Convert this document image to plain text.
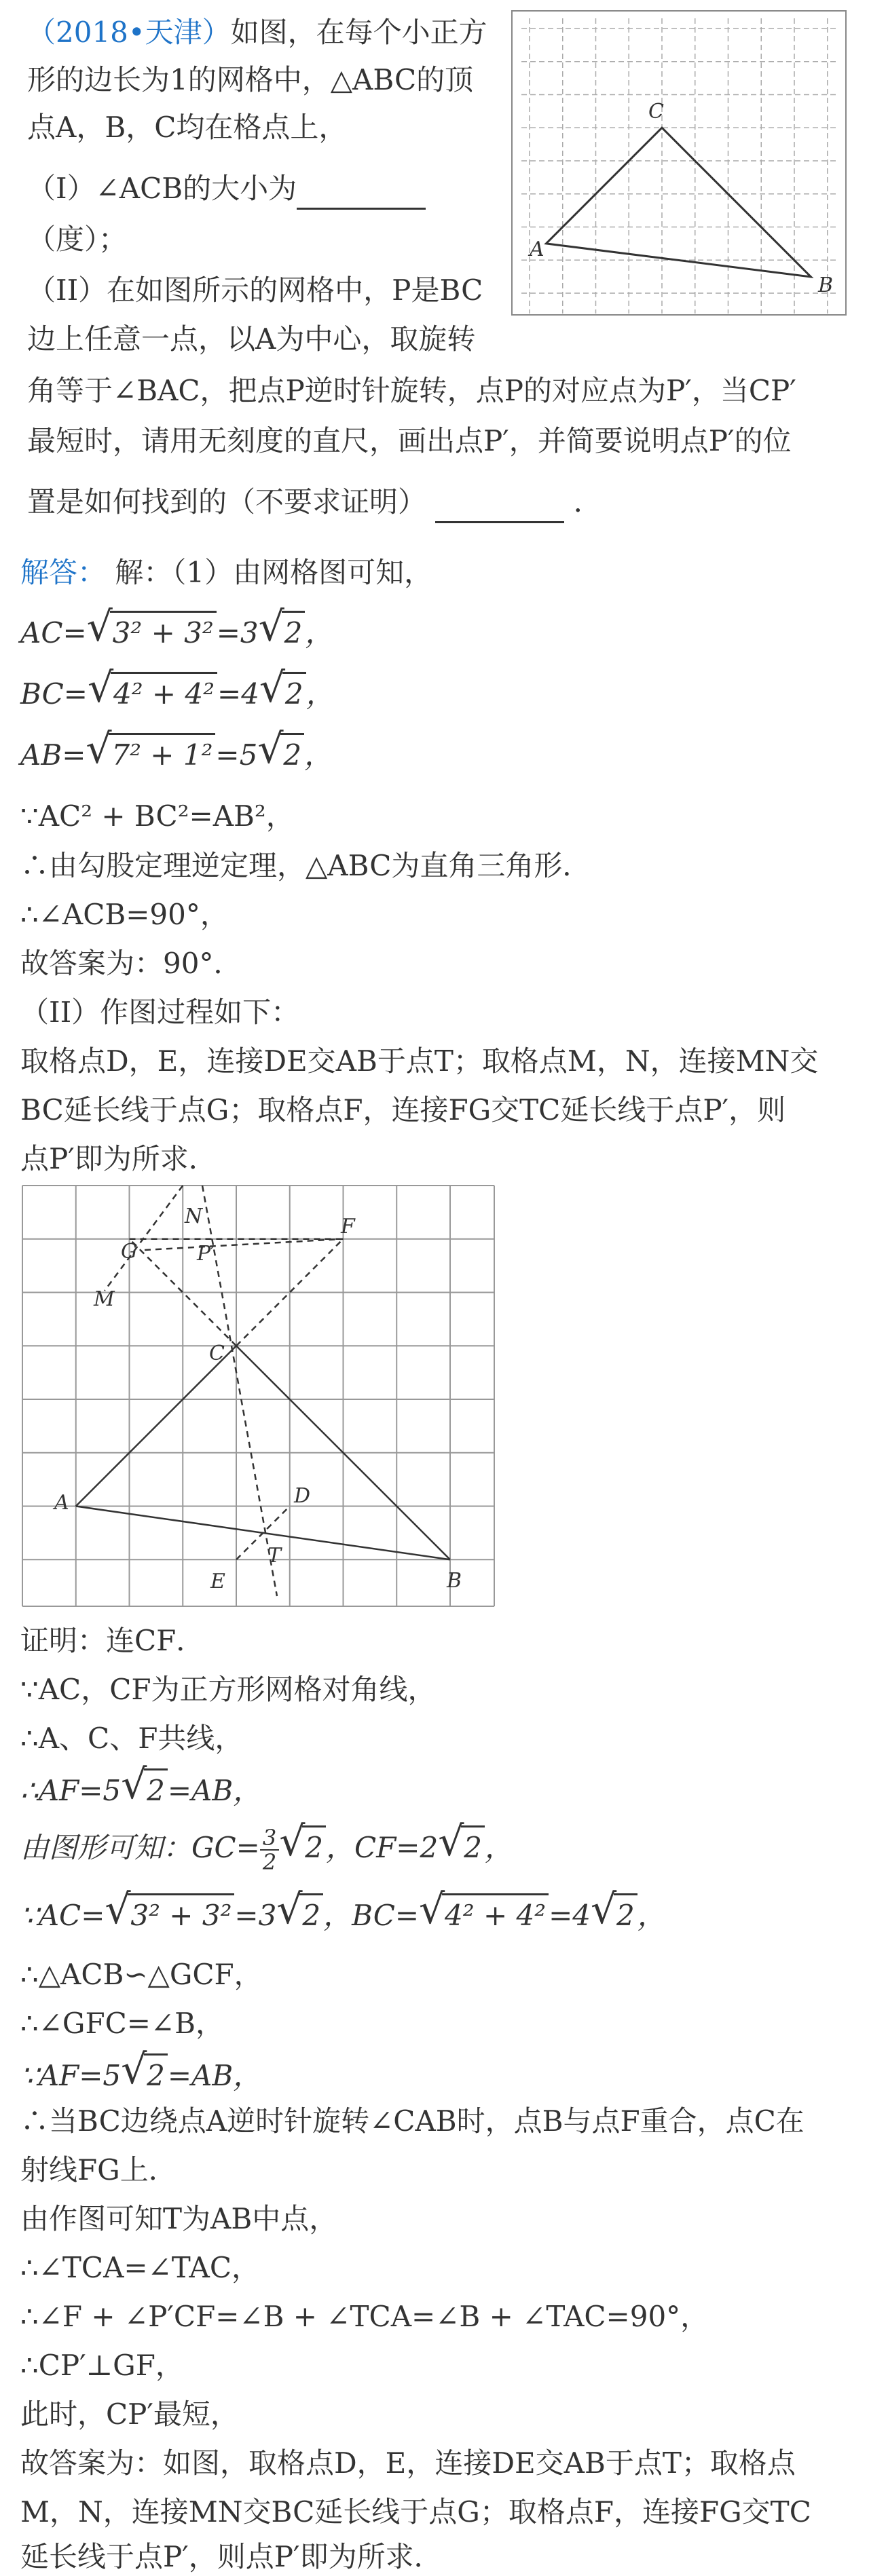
（2018•天津）如图，在每个小正方
形的边长为1的网格中，△ABC的顶
点A，B，C均在格点上，
（I）∠ACB的大小为
（度）；
（II）在如图所示的网格中，P是BC
边上任意一点，以A为中心，取旋转
角等于∠BAC，把点P逆时针旋转，点P的对应点为P′，当CP′
最短时，请用无刻度的直尺，画出点P′，并简要说明点P′的位
置是如何找到的（不要求证明）	．
A
C
B
解答： 解：（1）由网格图可知，
AC= √ 3² + 3²=3 √ 2，
BC= √ 4² + 4²=4 √ 2，
AB= √ 7² + 1²=5 √ 2，
∵AC² + BC²=AB²，
∴由勾股定理逆定理，△ABC为直角三角形．
∴∠ACB=90°，
故答案为：90°．
（II）作图过程如下：
取格点D，E，连接DE交AB于点T；取格点M，N，连接MN交
BC延长线于点G；取格点F，连接FG交TC延长线于点P′，则
点P′即为所求．
A
B
C
D
E
F
G
M
N
P′
T
证明：连CF．
∵AC，CF为正方形网格对角线，
∴A、C、F共线，
∴AF=5 √ 2=AB，
由图形可知：$GC= \frac{3}{2}$ √ 2，CF=2 √ 2，
∵AC= √ 3² + 3²=3 √ 2，BC= √ 4² + 4²=4 √ 2，
∴△ACB∽△GCF，
∴∠GFC=∠B，
∵AF=5 √ 2=AB，
∴当BC边绕点A逆时针旋转∠CAB时，点B与点F重合，点C在
射线FG上．
由作图可知T为AB中点，
∴∠TCA=∠TAC，
∴∠F + ∠P′CF=∠B + ∠TCA=∠B + ∠TAC=90°，
∴CP′⊥GF，
此时，CP′最短，
故答案为：如图，取格点D，E，连接DE交AB于点T；取格点
M，N，连接MN交BC延长线于点G；取格点F，连接FG交TC
延长线于点P′，则点P′即为所求．
